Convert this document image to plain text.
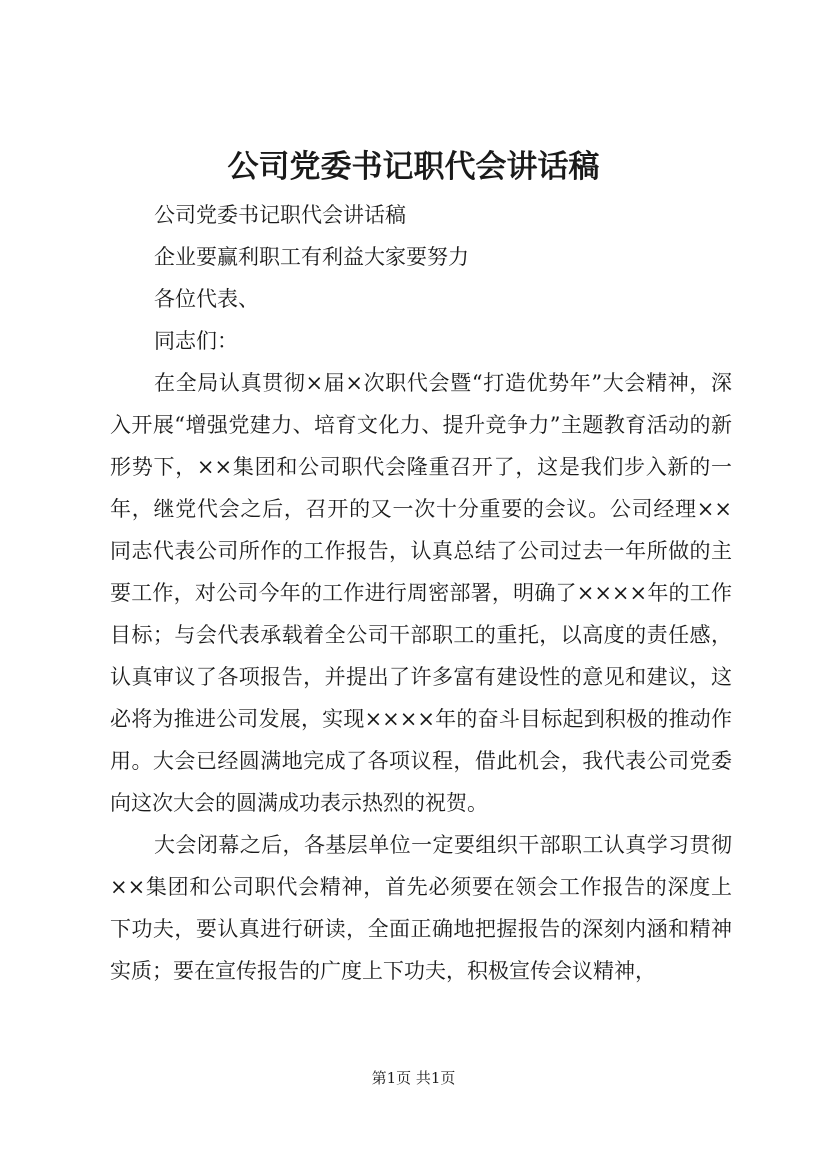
公司党委书记职代会讲话稿

公司党委书记职代会讲话稿

企业要赢利职工有利益大家要努力

各位代表、

同志们：

在全局认真贯彻×届×次职代会暨“打造优势年”大会精神，深入开展“增强党建力、培育文化力、提升竞争力”主题教育活动的新形势下，××集团和公司职代会隆重召开了，这是我们步入新的一年，继党代会之后，召开的又一次十分重要的会议。公司经理××同志代表公司所作的工作报告，认真总结了公司过去一年所做的主要工作，对公司今年的工作进行周密部署，明确了××××年的工作目标；与会代表承载着全公司干部职工的重托，以高度的责任感，认真审议了各项报告，并提出了许多富有建设性的意见和建议，这必将为推进公司发展，实现××××年的奋斗目标起到积极的推动作用。大会已经圆满地完成了各项议程，借此机会，我代表公司党委向这次大会的圆满成功表示热烈的祝贺。

大会闭幕之后，各基层单位一定要组织干部职工认真学习贯彻××集团和公司职代会精神，首先必须要在领会工作报告的深度上下功夫，要认真进行研读，全面正确地把握报告的深刻内涵和精神实质；要在宣传报告的广度上下功夫，积极宣传会议精神，

第1页 共1页
